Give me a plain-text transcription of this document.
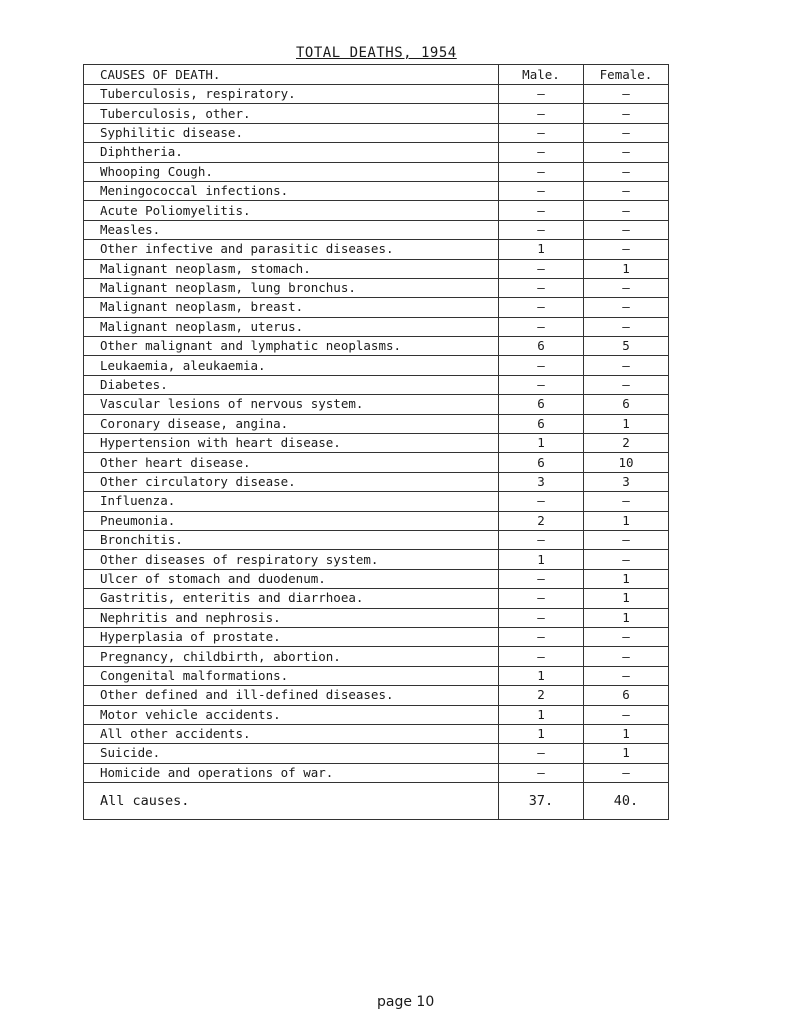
TOTAL DEATHS, 1954
CAUSES OF DEATH.	Male.	Female.
Tuberculosis, respiratory.	—	—
Tuberculosis, other.	—	—
Syphilitic disease.	—	—
Diphtheria.	—	—
Whooping Cough.	—	—
Meningococcal infections.	—	—
Acute Poliomyelitis.	—	—
Measles.	—	—
Other infective and parasitic diseases.	1	—
Malignant neoplasm, stomach.	—	1
Malignant neoplasm, lung bronchus.	—	—
Malignant neoplasm, breast.	—	—
Malignant neoplasm, uterus.	—	—
Other malignant and lymphatic neoplasms.	6	5
Leukaemia, aleukaemia.	—	—
Diabetes.	—	—
Vascular lesions of nervous system.	6	6
Coronary disease, angina.	6	1
Hypertension with heart disease.	1	2
Other heart disease.	6	10
Other circulatory disease.	3	3
Influenza.	—	—
Pneumonia.	2	1
Bronchitis.	—	—
Other diseases of respiratory system.	1	—
Ulcer of stomach and duodenum.	—	1
Gastritis, enteritis and diarrhoea.	—	1
Nephritis and nephrosis.	—	1
Hyperplasia of prostate.	—	—
Pregnancy, childbirth, abortion.	—	—
Congenital malformations.	1	—
Other defined and ill-defined diseases.	2	6
Motor vehicle accidents.	1	—
All other accidents.	1	1
Suicide.	—	1
Homicide and operations of war.	—	—
All causes.	37.	40.
page 10
